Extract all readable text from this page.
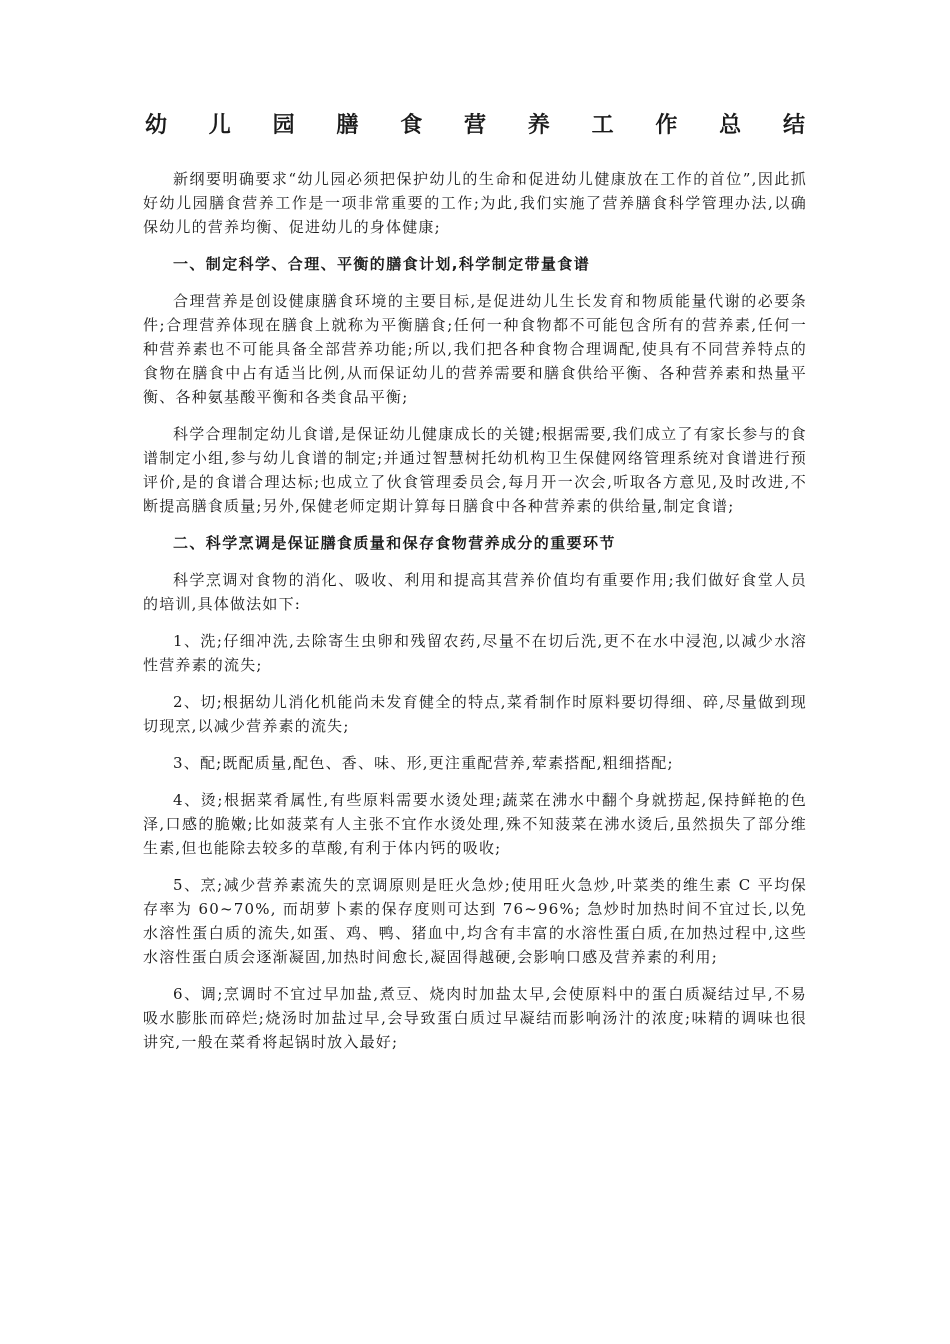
幼 儿 园 膳 食 营 养 工 作 总 结

新纲要明确要求“幼儿园必须把保护幼儿的生命和促进幼儿健康放在工作的首位”,因此抓好幼儿园膳食营养工作是一项非常重要的工作;为此,我们实施了营养膳食科学管理办法,以确保幼儿的营养均衡、促进幼儿的身体健康;

一、制定科学、合理、平衡的膳食计划,科学制定带量食谱

合理营养是创设健康膳食环境的主要目标,是促进幼儿生长发育和物质能量代谢的必要条件;合理营养体现在膳食上就称为平衡膳食;任何一种食物都不可能包含所有的营养素,任何一种营养素也不可能具备全部营养功能;所以,我们把各种食物合理调配,使具有不同营养特点的食物在膳食中占有适当比例,从而保证幼儿的营养需要和膳食供给平衡、各种营养素和热量平衡、各种氨基酸平衡和各类食品平衡;

科学合理制定幼儿食谱,是保证幼儿健康成长的关键;根据需要,我们成立了有家长参与的食谱制定小组,参与幼儿食谱的制定;并通过智慧树托幼机构卫生保健网络管理系统对食谱进行预评价,是的食谱合理达标;也成立了伙食管理委员会,每月开一次会,听取各方意见,及时改进,不断提高膳食质量;另外,保健老师定期计算每日膳食中各种营养素的供给量,制定食谱;

二、科学烹调是保证膳食质量和保存食物营养成分的重要环节

科学烹调对食物的消化、吸收、利用和提高其营养价值均有重要作用;我们做好食堂人员的培训,具体做法如下:

1、洗;仔细冲洗,去除寄生虫卵和残留农药,尽量不在切后洗,更不在水中浸泡,以减少水溶性营养素的流失;

2、切;根据幼儿消化机能尚未发育健全的特点,菜肴制作时原料要切得细、碎,尽量做到现切现烹,以减少营养素的流失;

3、配;既配质量,配色、香、味、形,更注重配营养,荤素搭配,粗细搭配;

4、烫;根据菜肴属性,有些原料需要水烫处理;蔬菜在沸水中翻个身就捞起,保持鲜艳的色泽,口感的脆嫩;比如菠菜有人主张不宜作水烫处理,殊不知菠菜在沸水烫后,虽然损失了部分维生素,但也能除去较多的草酸,有利于体内钙的吸收;

5、烹;减少营养素流失的烹调原则是旺火急炒;使用旺火急炒,叶菜类的维生素 C 平均保存率为 60~70%, 而胡萝卜素的保存度则可达到 76~96%; 急炒时加热时间不宜过长,以免水溶性蛋白质的流失,如蛋、鸡、鸭、猪血中,均含有丰富的水溶性蛋白质,在加热过程中,这些水溶性蛋白质会逐渐凝固,加热时间愈长,凝固得越硬,会影响口感及营养素的利用;

6、调;烹调时不宜过早加盐,煮豆、烧肉时加盐太早,会使原料中的蛋白质凝结过早,不易吸水膨胀而碎烂;烧汤时加盐过早,会导致蛋白质过早凝结而影响汤汁的浓度;味精的调味也很讲究,一般在菜肴将起锅时放入最好;
